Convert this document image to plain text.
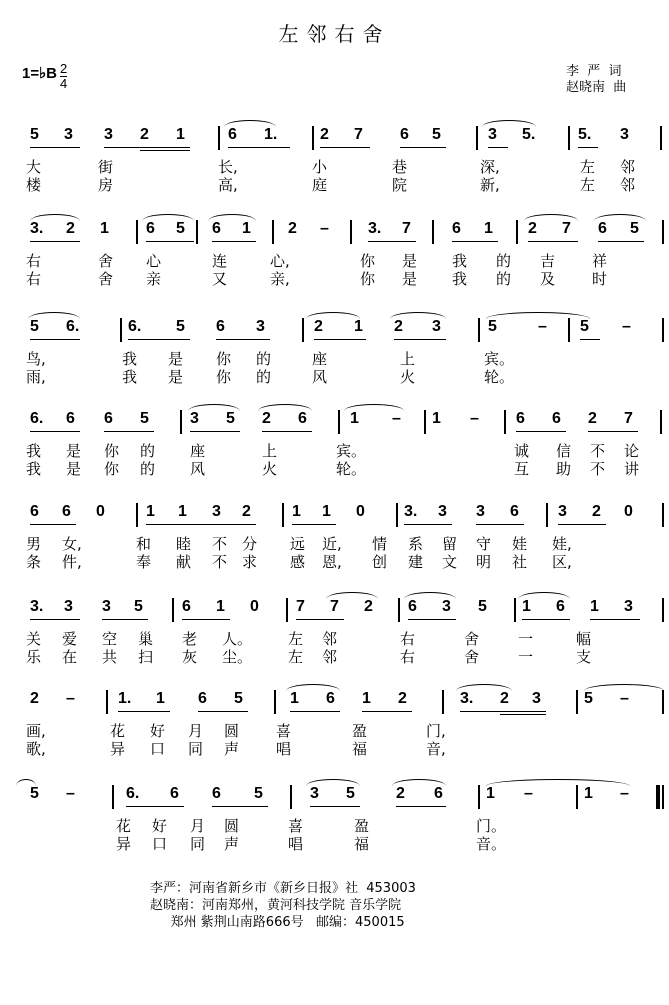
左邻右舍
1=♭B 2
4
李  严  词
赵晓南  曲
5 3 3 2 1	6 1.	2 7 6 5	3 5.	5. 3
大	街	长,	小	巷	深,	左 邻
楼	房	高,	庭	院	新,	左 邻
3. 2 1 6 5 6 1 2 – 3. 7	6 1 2 7 6 5
右	舍 心	连	心,	你 是 我 的 吉 祥
右	舍 亲	又	亲,	你 是 我 的 及 时
5 6.	6. 5 6 3	2 1 2 3	5	– 5 –
鸟,	我 是 你 的	座	上	宾。
雨,	我 是 你 的	风	火	轮。
6. 6 6 5	3 5 2 6	1 – 1 – 6 6 2 7
我 是 你 的 座	上	宾。	诚 信 不 论
我 是 你 的 风	火	轮。	互 助 不 讲
6 6 0	1 1 3 2	1 1 0 3. 3 3 6 3 2 0
男 女,	和 睦 不 分 远 近, 情 系 留 守 娃 娃,
条 件,	奉 献 不 求 感 恩, 创 建 文 明 社 区,
3. 3 3 5 6 1 0 7 7 2 6 3 5 1 6 1 3
关 爱 空 巢 老 人。 左 邻	右	舍	一	幅
乐 在 共 扫 灰 尘。 左 邻	右	舍	一	支
2 –	1. 1 6 5	1 6 1 2	3. 2 3	5 –
画,	花 好 月 圆 喜	盈	门,
歌,	异 口 同 声 唱	福	音,
5 –	6. 6 6 5	3 5	2 6	1 –	1 –
花 好 月 圆	喜	盈	门。
异 口 同 声	唱	福	音。
李严：河南省新乡市《新乡日报》社  453003
赵晓南：河南郑州，黄河科技学院 音乐学院
郑州 紫荆山南路666号   邮编：450015
